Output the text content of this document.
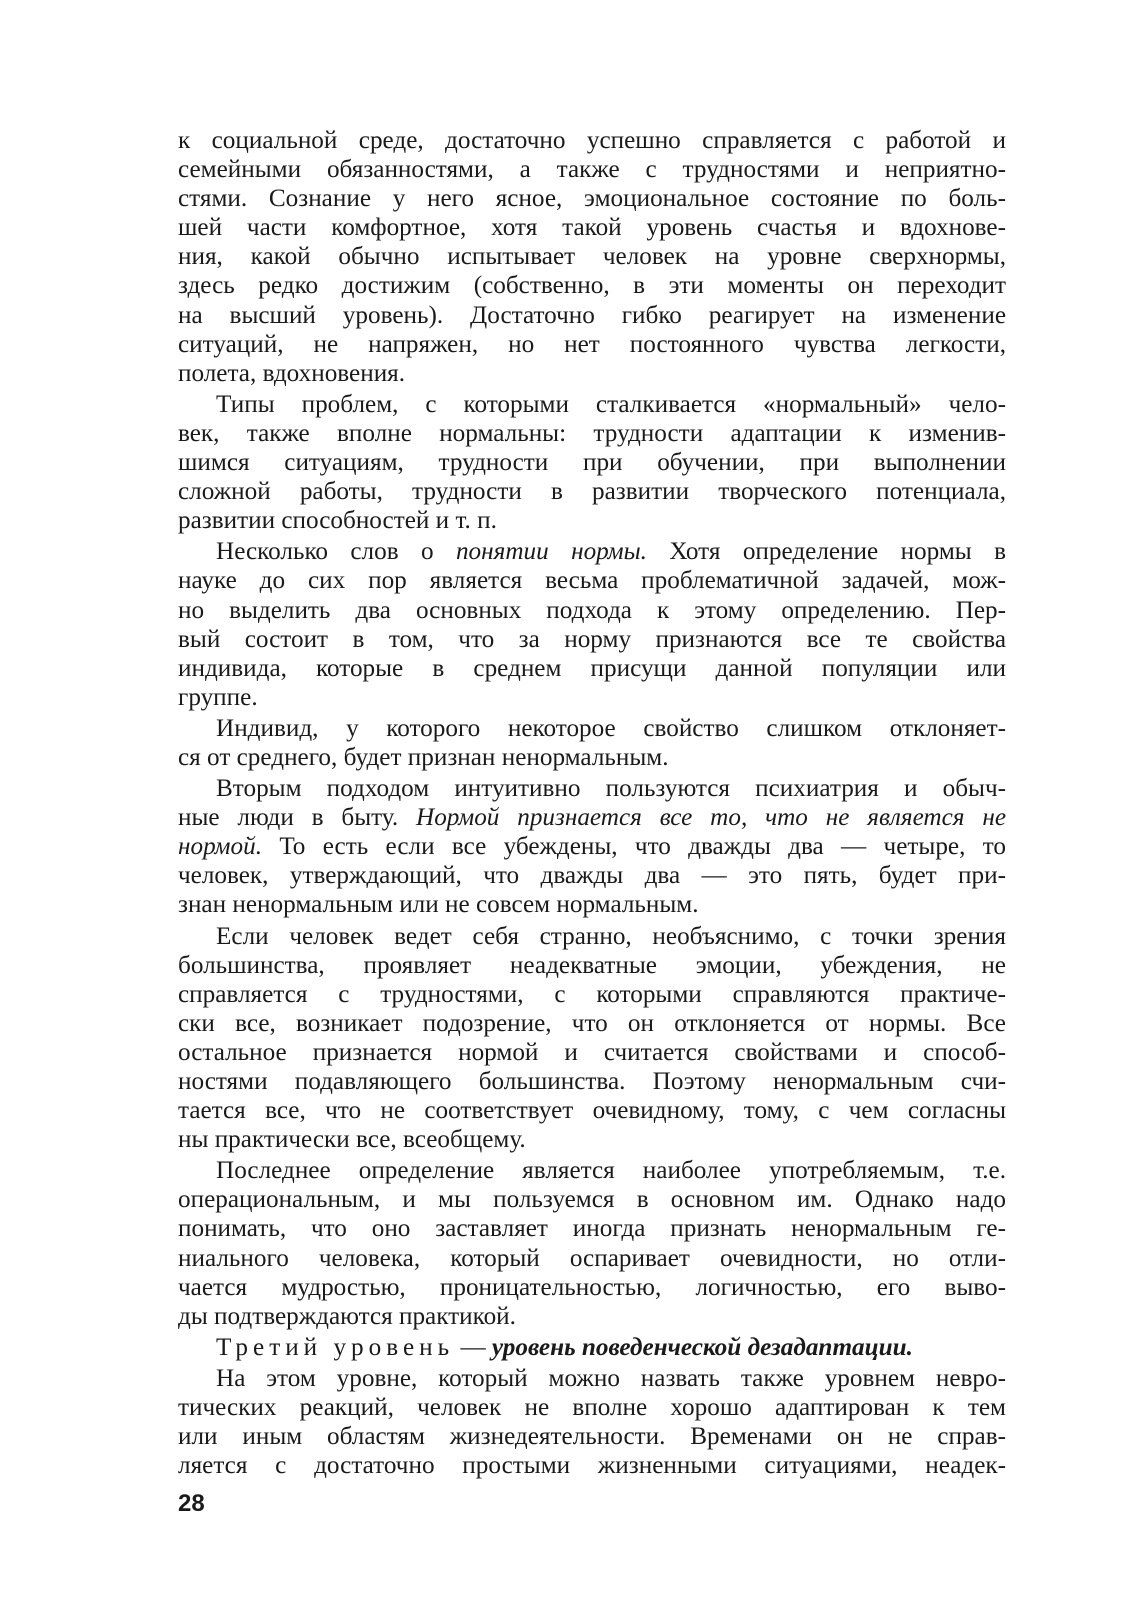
к социальной среде, достаточно успешно справляется с работой и
семейными обязанностями, а также с трудностями и неприятно-
стями. Сознание у него ясное, эмоциональное состояние по боль-
шей части комфортное, хотя такой уровень счастья и вдохнове-
ния, какой обычно испытывает человек на уровне сверхнормы,
здесь редко достижим (собственно, в эти моменты он переходит
на высший уровень). Достаточно гибко реагирует на изменение
ситуаций, не напряжен, но нет постоянного чувства легкости,
полета, вдохновения.
Типы проблем, с которыми сталкивается «нормальный» чело-
век, также вполне нормальны: трудности адаптации к изменив-
шимся ситуациям, трудности при обучении, при выполнении
сложной работы, трудности в развитии творческого потенциала,
развитии способностей и т. п.
Несколько слов о понятии нормы. Хотя определение нормы в
науке до сих пор является весьма проблематичной задачей, мож-
но выделить два основных подхода к этому определению. Пер-
вый состоит в том, что за норму признаются все те свойства
индивида, которые в среднем присущи данной популяции или
группе.
Индивид, у которого некоторое свойство слишком отклоняет-
ся от среднего, будет признан ненормальным.
Вторым подходом интуитивно пользуются психиатрия и обыч-
ные люди в быту. Нормой признается все то, что не является не
нормой. То есть если все убеждены, что дважды два — четыре, то
человек, утверждающий, что дважды два — это пять, будет при-
знан ненормальным или не совсем нормальным.
Если человек ведет себя странно, необъяснимо, с точки зрения
большинства, проявляет неадекватные эмоции, убеждения, не
справляется с трудностями, с которыми справляются практиче-
ски все, возникает подозрение, что он отклоняется от нормы. Все
остальное признается нормой и считается свойствами и способ-
ностями подавляющего большинства. Поэтому ненормальным счи-
тается все, что не соответствует очевидному, тому, с чем согласны
ны практически все, всеобщему.
Последнее определение является наиболее употребляемым, т.е.
операциональным, и мы пользуемся в основном им. Однако надо
понимать, что оно заставляет иногда признать ненормальным ге-
ниального человека, который оспаривает очевидности, но отли-
чается мудростью, проницательностью, логичностью, его выво-
ды подтверждаются практикой.
Третий уровень — уровень поведенческой дезадаптации.
На этом уровне, который можно назвать также уровнем невро-
тических реакций, человек не вполне хорошо адаптирован к тем
или иным областям жизнедеятельности. Временами он не справ-
ляется с достаточно простыми жизненными ситуациями, неадек-
28
